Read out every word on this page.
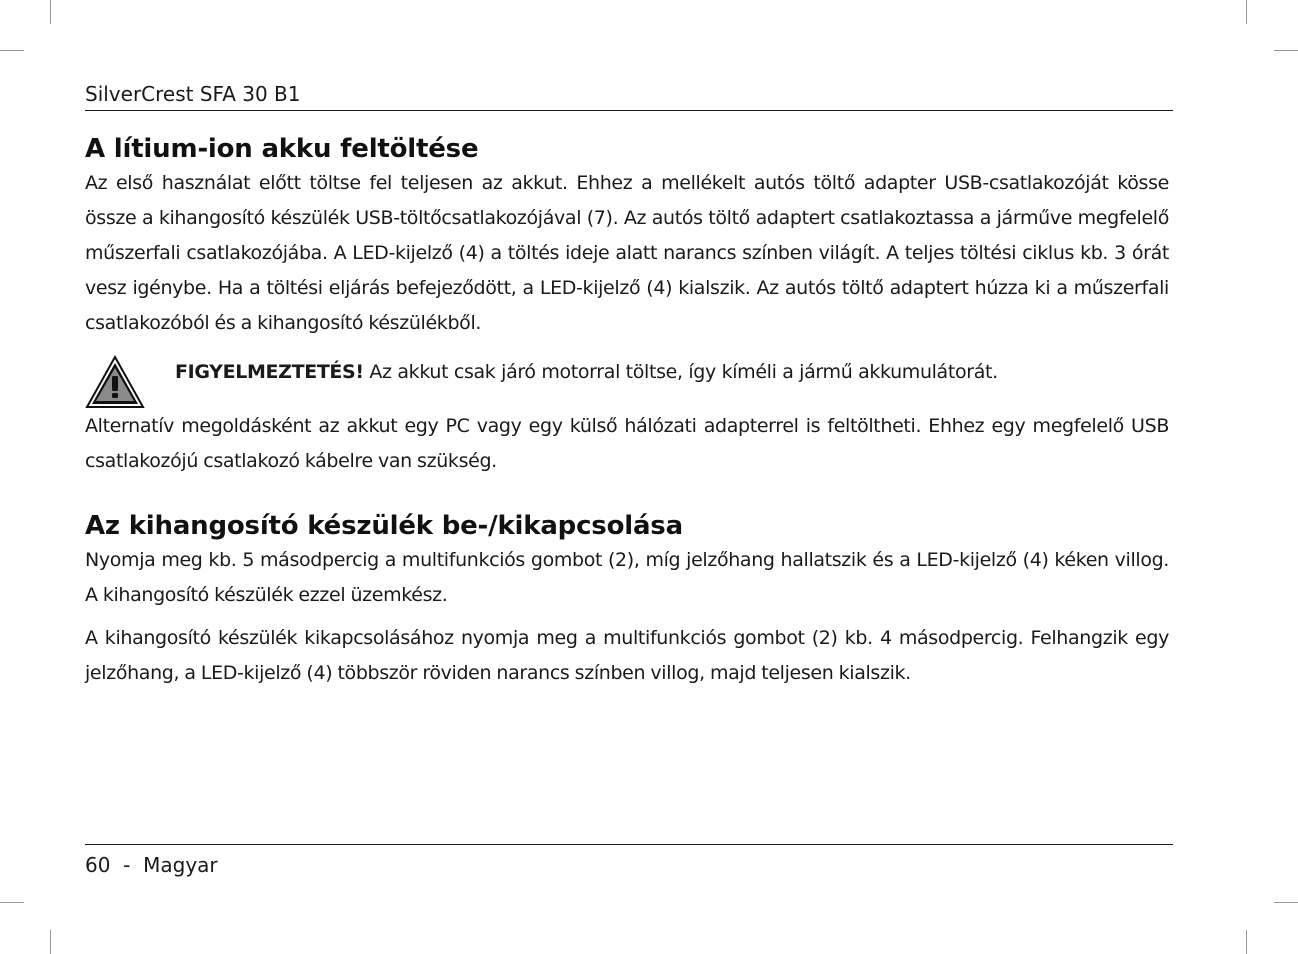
SilverCrest SFA 30 B1
A lítium-ion akku feltöltése

Az első használat előtt töltse fel teljesen az akkut. Ehhez a mellékelt autós töltő adapter USB-csatlakozóját kösse össze a kihangosító készülék USB-töltőcsatlakozójával (7). Az autós töltő adaptert csatlakoztassa a járműve megfelelő műszerfali csatlakozójába. A LED-kijelző (4) a töltés ideje alatt narancs színben világít. A teljes töltési ciklus kb. 3 órát vesz igénybe. Ha a töltési eljárás befejeződött, a LED-kijelző (4) kialszik. Az autós töltő adaptert húzza ki a műszerfali csatlakozóból és a kihangosító készülékből.

FIGYELMEZTETÉS! Az akkut csak járó motorral töltse, így kíméli a jármű akkumulátorát.

Alternatív megoldásként az akkut egy PC vagy egy külső hálózati adapterrel is feltöltheti. Ehhez egy megfelelő USB csatlakozójú csatlakozó kábelre van szükség.

Az kihangosító készülék be-/kikapcsolása

Nyomja meg kb. 5 másodpercig a multifunkciós gombot (2), míg jelzőhang hallatszik és a LED-kijelző (4) kéken villog. A kihangosító készülék ezzel üzemkész.

A kihangosító készülék kikapcsolásához nyomja meg a multifunkciós gombot (2) kb. 4 másodpercig. Felhangzik egy jelzőhang, a LED-kijelző (4) többször röviden narancs színben villog, majd teljesen kialszik.

60 - Magyar
